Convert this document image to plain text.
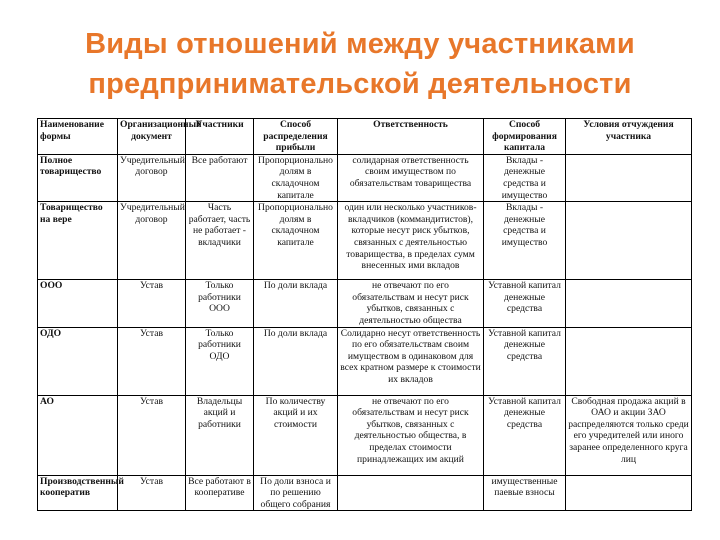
Виды отношений между участниками
предпринимательской деятельности
Наименование формы	Организационный документ	Участники	Способ распределения прибыли	Ответственность	Способ формирования капитала	Условия отчуждения участника
Полное товарищество	Учредительный договор	Все работают	Пропорционально долям в складочном капитале	солидарная ответственность своим имуществом по обязательствам товарищества	Вклады - денежные средства и имущество	
Товарищество на вере	Учредительный договор	Часть работает, часть не работает - вкладчики	Пропорционально долям в складочном капитале	один или несколько участников-вкладчиков (коммандитистов), которые несут риск убытков, связанных с деятельностью товарищества, в пределах сумм внесенных ими вкладов	Вклады - денежные средства и имущество	
ООО	Устав	Только работники ООО	По доли вклада	не отвечают по его обязательствам и несут риск убытков, связанных с деятельностью общества	Уставной капитал денежные средства	
ОДО	Устав	Только работники ОДО	По доли вклада	Солидарно несут ответственность по его обязательствам своим имуществом в одинаковом для всех кратном размере к стоимости их вкладов	Уставной капитал денежные средства	
АО	Устав	Владельцы акций и работники	По количеству акций и их стоимости	не отвечают по его обязательствам и несут риск убытков, связанных с деятельностью общества, в пределах стоимости принадлежащих им акций	Уставной капитал денежные средства	Свободная продажа акций в ОАО и акции ЗАО распределяются только среди его учредителей или иного заранее определенного круга лиц
Производственный кооператив	Устав	Все работают в кооперативе	По доли взноса и по решению общего собрания		имущественные паевые взносы	
